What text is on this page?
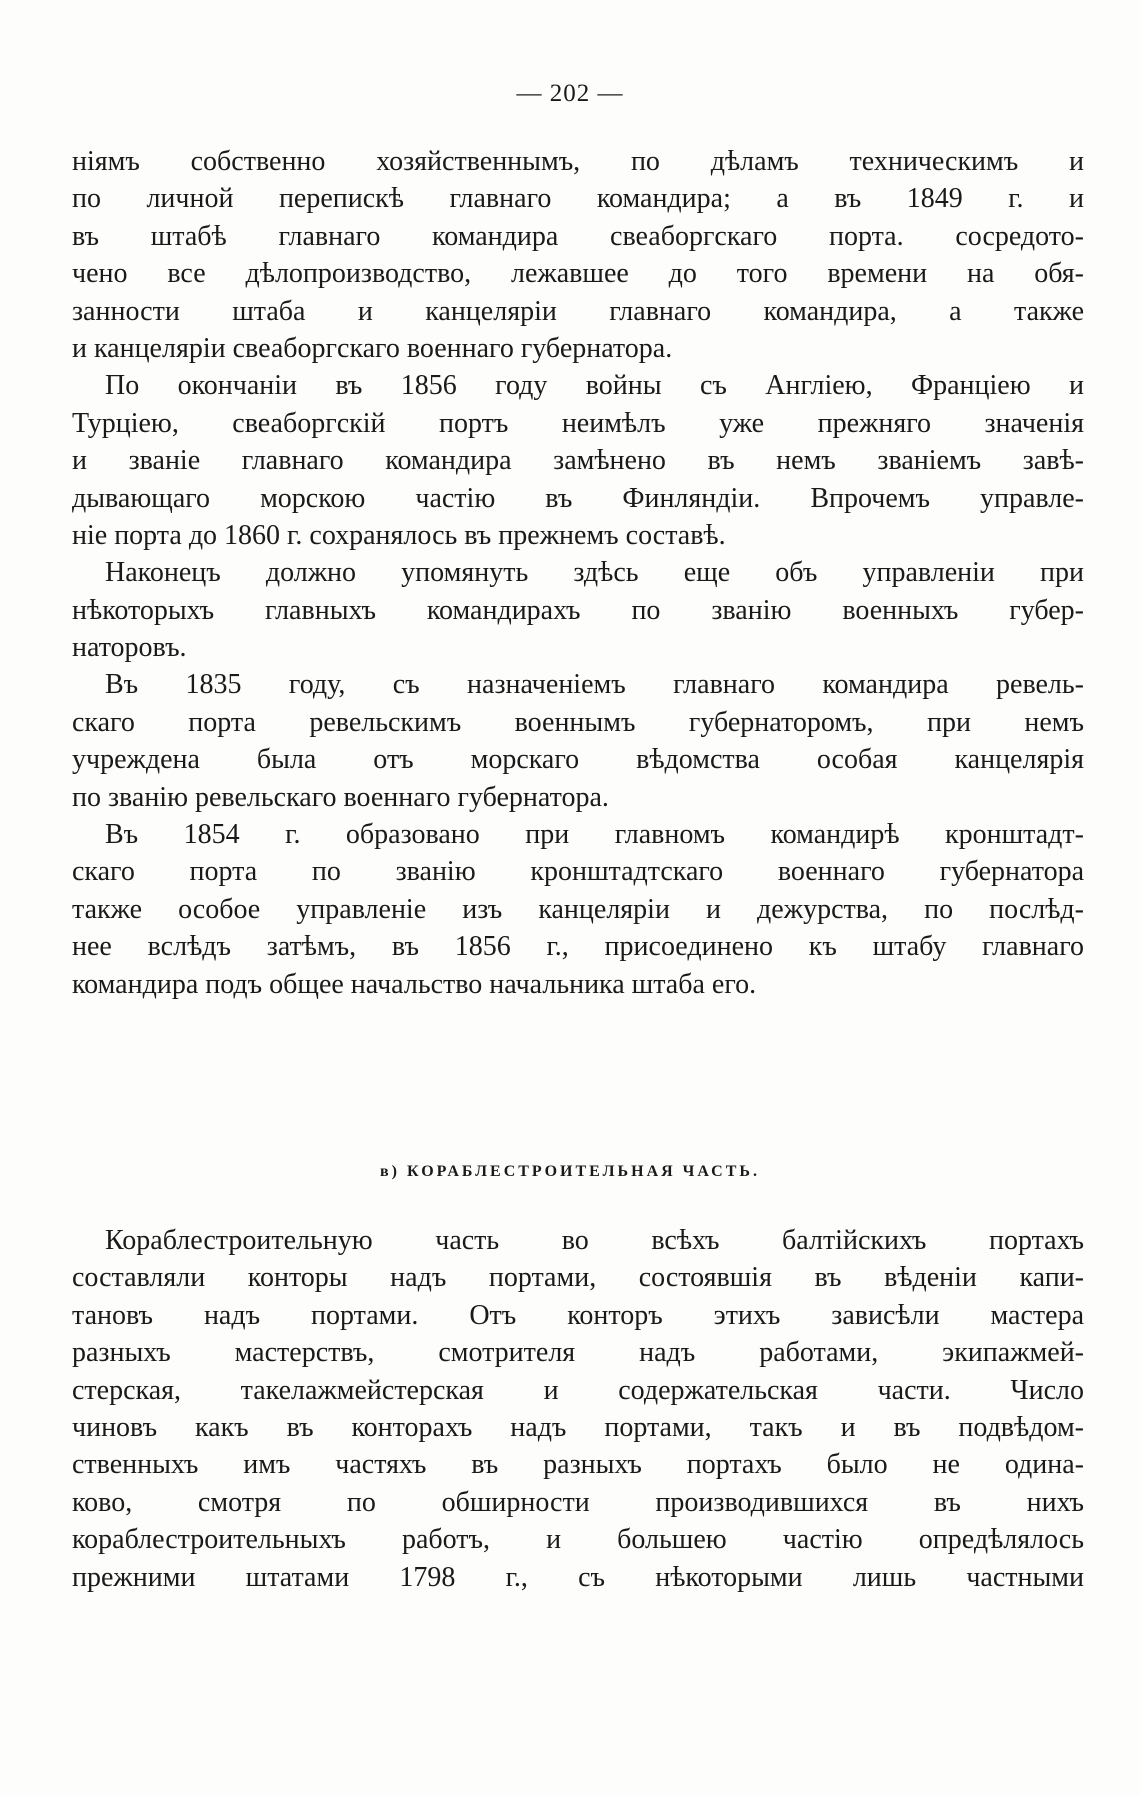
— 202 —
ніямъ собственно хозяйственнымъ, по дѣламъ техническимъ и
по личной перепискѣ главнаго командира; а въ 1849 г. и
въ штабѣ главнаго командира свеаборгскаго порта. сосредото-
чено все дѣлопроизводство, лежавшее до того времени на обя-
занности штаба и канцеляріи главнаго командира, а также
и канцеляріи свеаборгскаго военнаго губернатора.
По окончаніи въ 1856 году войны съ Англіею, Франціею и
Турціею, свеаборгскій портъ неимѣлъ уже прежняго значенія
и званіе главнаго командира замѣнено въ немъ званіемъ завѣ-
дывающаго морскою частію въ Финляндіи. Впрочемъ управле-
ніе порта до 1860 г. сохранялось въ прежнемъ составѣ.
Наконецъ должно упомянуть здѣсь еще объ управленіи при
нѣкоторыхъ главныхъ командирахъ по званію военныхъ губер-
наторовъ.
Въ 1835 году, съ назначеніемъ главнаго командира ревель-
скаго порта ревельскимъ военнымъ губернаторомъ, при немъ
учреждена была отъ морскаго вѣдомства особая канцелярія
по званію ревельскаго военнаго губернатора.
Въ 1854 г. образовано при главномъ командирѣ кронштадт-
скаго порта по званію кронштадтскаго военнаго губернатора
также особое управленіе изъ канцеляріи и дежурства, по послѣд-
нее вслѣдъ затѣмъ, въ 1856 г., присоединено къ штабу главнаго
командира подъ общее начальство начальника штаба его.
в) КОРАБЛЕСТРОИТЕЛЬНАЯ ЧАСТЬ.
Кораблестроительную часть во всѣхъ балтійскихъ портахъ
составляли конторы надъ портами, состоявшія въ вѣденіи капи-
тановъ надъ портами. Отъ конторъ этихъ зависѣли мастера
разныхъ мастерствъ, смотрителя надъ работами, экипажмей-
стерская, такелажмейстерская и содержательская части. Число
чиновъ какъ въ конторахъ надъ портами, такъ и въ подвѣдом-
ственныхъ имъ частяхъ въ разныхъ портахъ было не одина-
ково, смотря по обширности производившихся въ нихъ
кораблестроительныхъ работъ, и большею частію опредѣлялось
прежними штатами 1798 г., съ нѣкоторыми лишь частными
